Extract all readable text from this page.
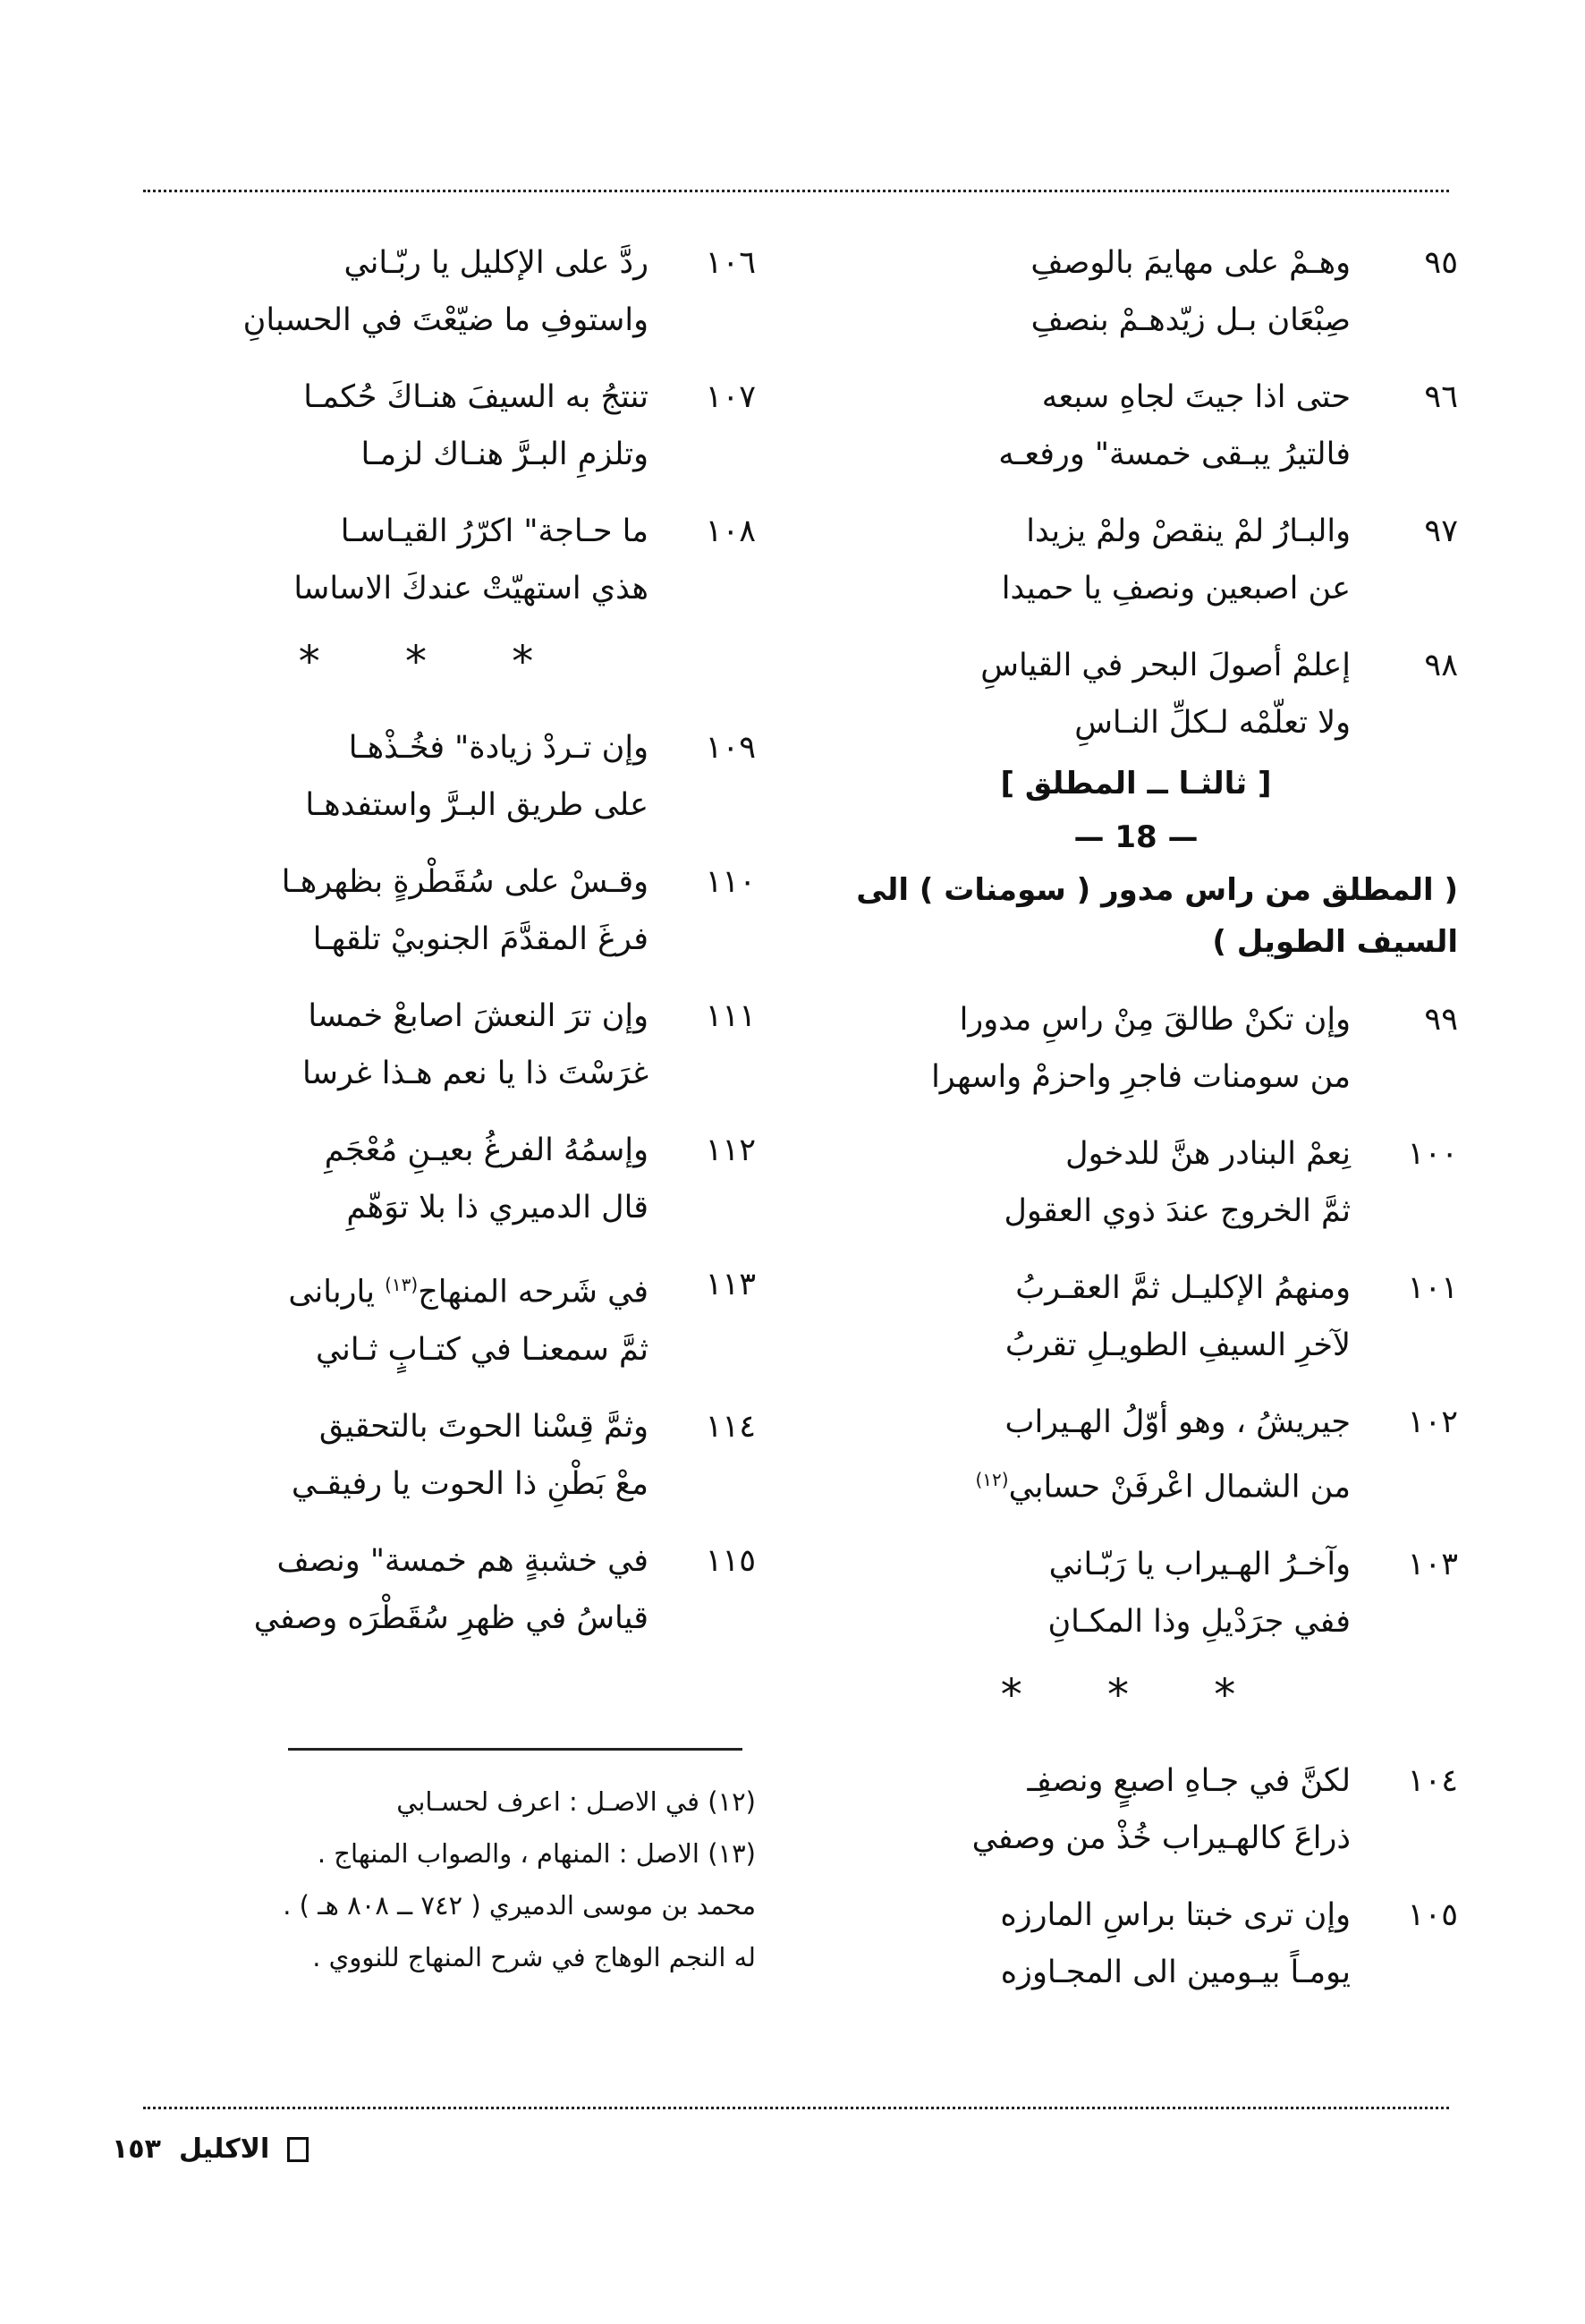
٩٥
وهـمْ على مهايمَ بالوصفِ
صِبْعَان بـل زيّدهـمْ بنصفِ
٩٦
حتى اذا جيتَ لجاهِ سبعه
فالتيرُ يبـقى خمسة" ورفعـه
٩٧
والبـارُ لمْ ينقصْ ولمْ يزيدا
عن اصبعين ونصفِ يا حميدا
٩٨
إعلمْ أصولَ البحر في القياسِ
ولا تعلّمْه لـكلِّ النـاسِ
[ ثالثـا ــ المطلق ]
— 18 —
( المطلق من راس مدور ( سومنات ) الى السيف الطويل )
٩٩
وإن تكنْ طالقَ مِنْ راسِ مدورا
من سومنات فاجرِ واحزمْ واسهرا
١٠٠
نِعمْ البنادر هنَّ للدخول
ثمَّ الخروج عندَ ذوي العقول
١٠١
ومنهمُ الإكليـل ثمَّ العقـربُ
لآخرِ السيفِ الطويـلِ تقربُ
١٠٢
جيريشُ ، وهو أوّلُ الهـيراب
من الشمال اعْرفَنْ حسابي$^{(١٢)}$
١٠٣
وآخـرُ الهـيراب يا رَبّـاني
ففي جرَدْيلِ وذا المكـانِ
* * *
١٠٤
لكنَّ في جـاهِ اصبعٍ ونصفِـ
ذراعَ كالهـيراب خُذْ من وصفي
١٠٥
وإن ترى خبتا براسِ المارزه
يومـاً بيـومين الى المجـاوزه
١٠٦
ردَّ على الإكليل يا ربّـاني
واستوفِ ما ضيّعْتَ في الحسبانِ
١٠٧
تنتجُ به السيفَ هنـاكَ حُكمـا
وتلزمِ البـرَّ هنـاك لزمـا
١٠٨
ما حـاجة" اكرّرُ القيـاسـا
هذي استهيّتْ عندكَ الاساسا
* * *
١٠٩
وإن تـردْ زيادة" فخُـذْهـا
على طريق البـرَّ واستفدهـا
١١٠
وقـسْ على سُقَطْرةٍ بظهرهـا
فرغَ المقدَّمَ الجنوبيْ تلقهـا
١١١
وإن ترَ النعشَ اصابعْ خمسا
غرَسْتَ ذا يا نعم هـذا غرسا
١١٢
وإسمُهُ الفرغُ بعيـنِ مُعْجَمِ
قال الدميري ذا بلا توَهّمِ
١١٣
في شَرحه المنهاج$^{(١٣)}$ ياربانى
ثمَّ سمعنـا في كتـابٍ ثـاني
١١٤
وثمَّ قِسْنا الحوتَ بالتحقيق
معْ بَطْنِ ذا الحوت يا رفيقـي
١١٥
في خشبةٍ هم خمسة" ونصف
قياسُ في ظهرِ سُقَطْرَه وصفي
(١٢) في الاصـل : اعرف لحسـابي
(١٣) الاصل : المنهام ، والصواب المنهاج .
محمد بن موسى الدميري ( ٧٤٢ ــ ٨٠٨ هـ ) .
له النجم الوهاج في شرح المنهاج للنووي .
الاكليل
١٥٣
